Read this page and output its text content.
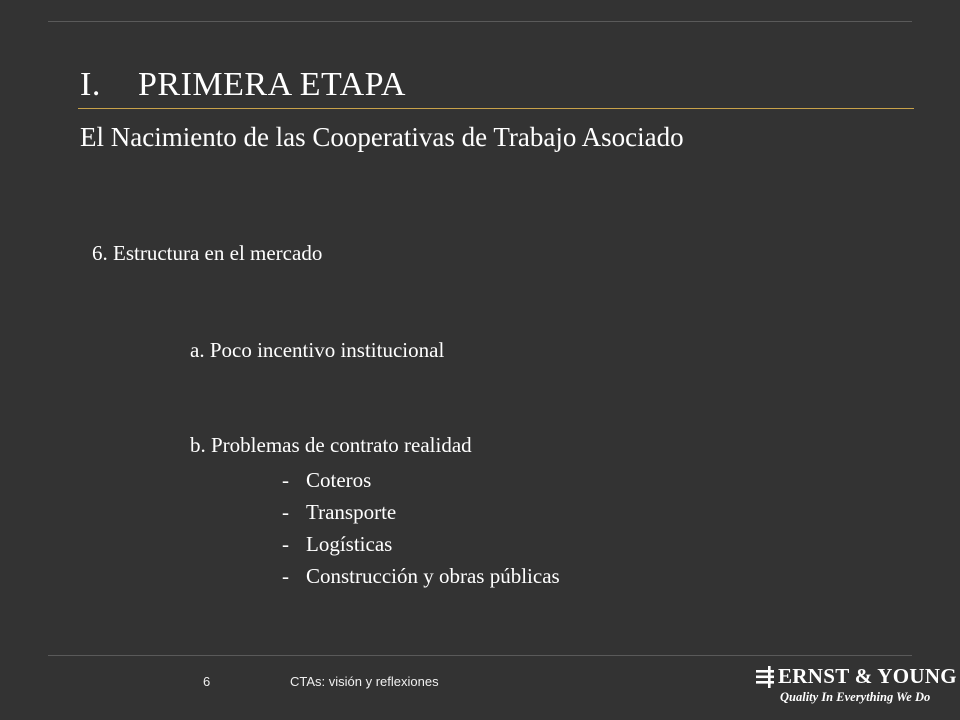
I. PRIMERA ETAPA
El Nacimiento de las Cooperativas de Trabajo Asociado
6. Estructura en el mercado
a. Poco incentivo institucional
b. Problemas de contrato realidad
- Coteros
- Transporte
- Logísticas
- Construcción y obras públicas
6	CTAs: visión y reflexiones	ERNST & YOUNG
Quality In Everything We Do
